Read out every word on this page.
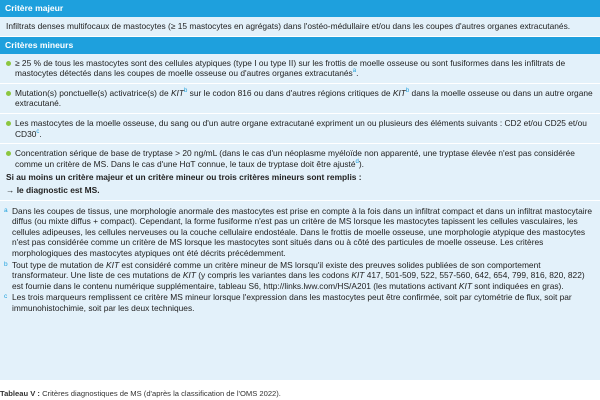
Critère majeur
Infiltrats denses multifocaux de mastocytes (≥ 15 mastocytes en agrégats) dans l'ostéo-médullaire et/ou dans les coupes d'autres organes extracutanés.
Critères mineurs
≥ 25 % de tous les mastocytes sont des cellules atypiques (type I ou type II) sur les frottis de moelle osseuse ou sont fusiformes dans les infiltrats de mastocytes détectés dans les coupes de moelle osseuse ou d'autres organes extracutanés$^a$.
Mutation(s) ponctuelle(s) activatrice(s) de KIT$^b$ sur le codon 816 ou dans d'autres régions critiques de KIT$^b$ dans la moelle osseuse ou dans un autre organe extracutané.
Les mastocytes de la moelle osseuse, du sang ou d'un autre organe extracutané expriment un ou plusieurs des éléments suivants : CD2 et/ou CD25 et/ou CD30$^c$.
Concentration sérique de base de tryptase > 20 ng/mL (dans le cas d'un néoplasme myéloïde non apparenté, une tryptase élevée n'est pas considérée comme un critère de MS. Dans le cas d'une HαT connue, le taux de tryptase doit être ajusté$^d$).
Si au moins un critère majeur et un critère mineur ou trois critères mineurs sont remplis :
→ le diagnostic est MS.
a Dans les coupes de tissus, une morphologie anormale des mastocytes est prise en compte à la fois dans un infiltrat compact et dans un infiltrat mastocytaire diffus (ou mixte diffus + compact). Cependant, la forme fusiforme n'est pas un critère de MS lorsque les mastocytes tapissent les cellules vasculaires, les cellules adipeuses, les cellules nerveuses ou la couche cellulaire endostéale. Dans le frottis de moelle osseuse, une morphologie atypique des mastocytes n'est pas considérée comme un critère de MS lorsque les mastocytes sont situés dans ou à côté des particules de moelle osseuse. Les critères morphologiques des mastocytes atypiques ont été décrits précédemment.
b Tout type de mutation de KIT est considéré comme un critère mineur de MS lorsqu'il existe des preuves solides publiées de son comportement transformateur. Une liste de ces mutations de KIT (y compris les variantes dans les codons KIT 417, 501-509, 522, 557-560, 642, 654, 799, 816, 820, 822) est fournie dans le contenu numérique supplémentaire, tableau S6, http://links.lww.com/HS/A201 (les mutations activant KIT sont indiquées en gras).
c Les trois marqueurs remplissent ce critère MS mineur lorsque l'expression dans les mastocytes peut être confirmée, soit par cytométrie de flux, soit par immunohistochimie, soit par les deux techniques.
Tableau V : Critères diagnostiques de MS (d'après la classification de l'OMS 2022).
